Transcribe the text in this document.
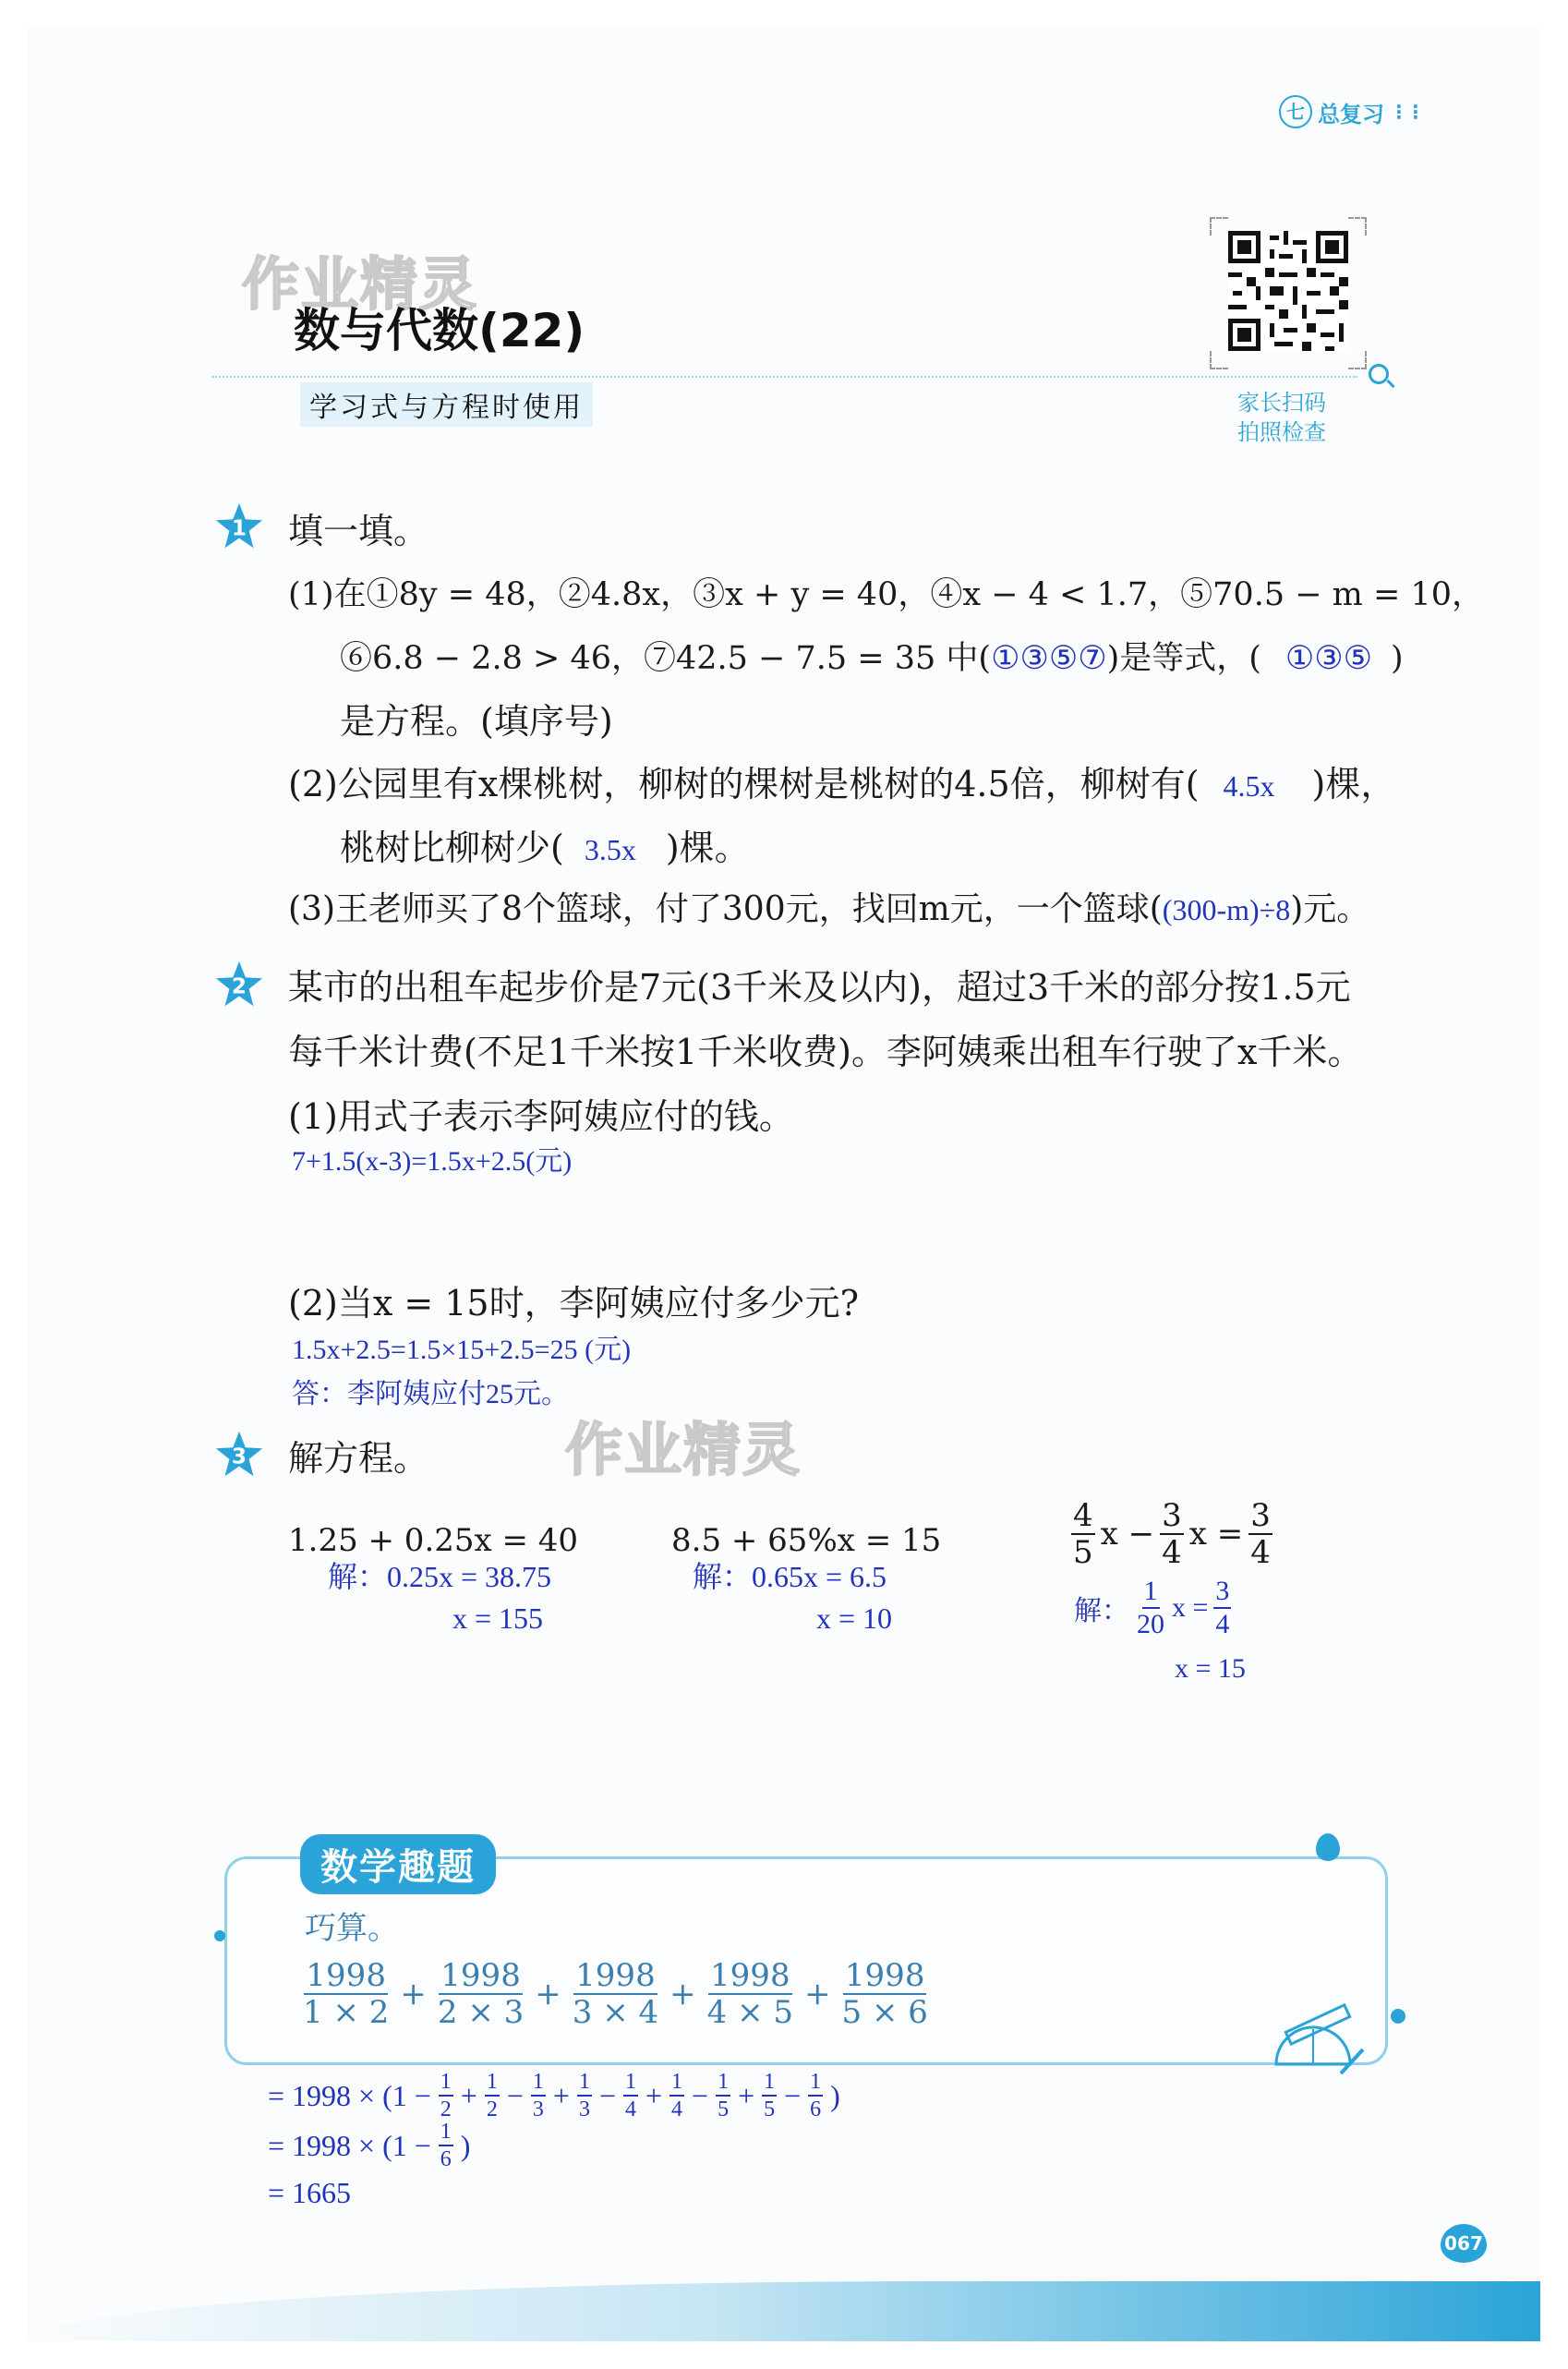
七 总复习 ⋮⋮
作业精灵
作业精灵
数与代数(22)
学习式与方程时使用	家长扫码
拍照检查
1
2
3
填一填。
(1)在①8y = 48，②4.8x，③x + y = 40，④x − 4 < 1.7，⑤70.5 − m = 10，
⑥6.8 − 2.8 > 46，⑦42.5 − 7.5 = 35 中(①③⑤⑦)是等式，( ①③⑤ )
是方程。(填序号)
(2)公园里有x棵桃树，柳树的棵树是桃树的4.5倍，柳树有( 4.5x )棵，
桃树比柳树少( 3.5x )棵。
(3)王老师买了8个篮球，付了300元，找回m元，一个篮球((300-m)÷8)元。
某市的出租车起步价是7元(3千米及以内)，超过3千米的部分按1.5元
每千米计费(不足1千米按1千米收费)。李阿姨乘出租车行驶了x千米。
(1)用式子表示李阿姨应付的钱。
7+1.5(x-3)=1.5x+2.5(元)
(2)当x = 15时，李阿姨应付多少元?
1.5x+2.5=1.5×15+2.5=25 (元)
答：李阿姨应付25元。
解方程。
1.25 + 0.25x = 40
解：0.25x = 38.75
x = 155
8.5 + 65%x = 15
解：0.65x = 6.5
x = 10
$\frac{4}{5}$ $x - \frac{3}{4}$ $x = \frac{3}{4}$
解： $\frac{1}{20}$ $x = \frac{3}{4}$
x = 15
数学趣题
巧算。
$\frac{1998}{1 \times 2} + \frac{1998}{2 \times 3} + \frac{1998}{3 \times 4} + \frac{1998}{4 \times 5} + \frac{1998}{5 \times 6}$
= $1998 \times (1 - \frac{1}{2} + \frac{1}{2} - \frac{1}{3} + \frac{1}{3} - \frac{1}{4} + \frac{1}{4} - \frac{1}{5} + \frac{1}{5} - \frac{1}{6}$ )
= $1998 \times (1 - \frac{1}{6}$ )
= 1665
067
